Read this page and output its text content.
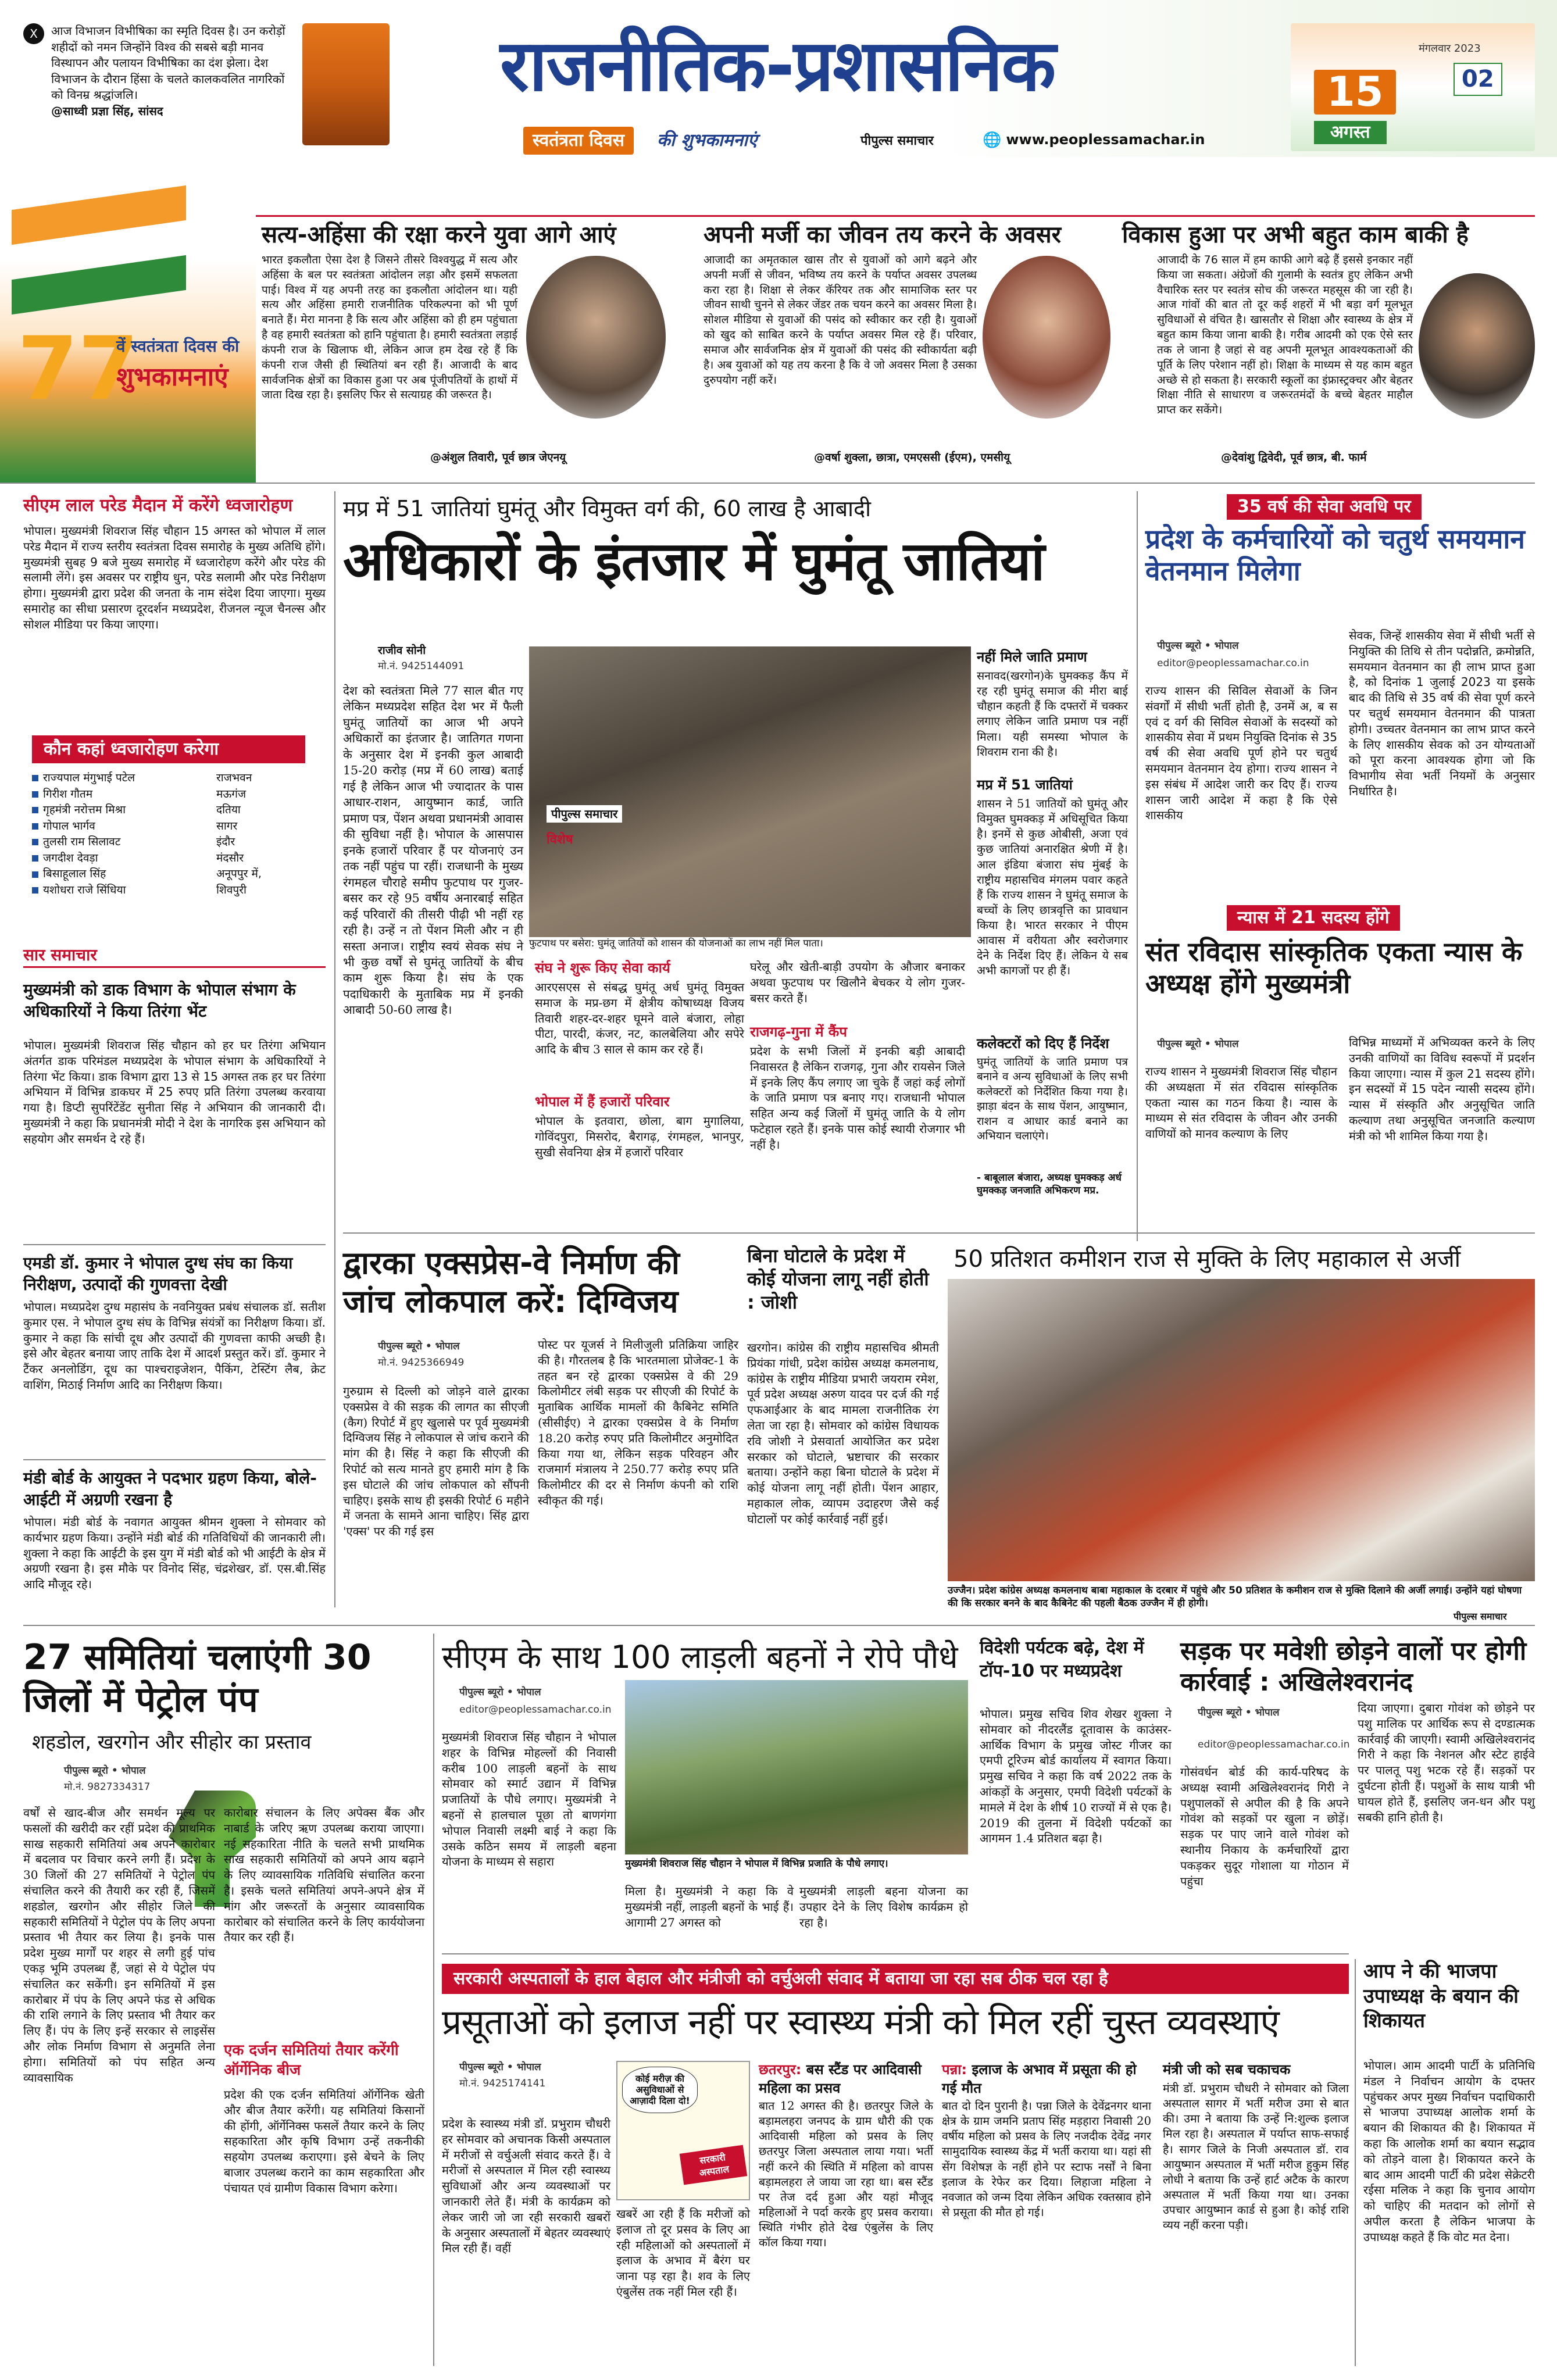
X	आज विभाजन विभीषिका का स्मृति दिवस है। उन करोड़ों शहीदों को नमन जिन्होंने विश्व की सबसे बड़ी मानव विस्थापन और पलायन विभीषिका का दंश झेला। देश विभाजन के दौरान हिंसा के चलते कालकवलित नागरिकों को विनम्र श्रद्धांजलि।
@साध्वी प्रज्ञा सिंह, सांसद
राजनीतिक-प्रशासनिक
स्वतंत्रता दिवस	की शुभकामनाएं	पीपुल्स समाचार	🌐 www.peoplessamachar.in
मंगलवार 2023
02
15
अगस्त
77
वें स्वतंत्रता दिवस की
शुभकामनाएं
सत्य-अहिंसा की रक्षा करने युवा आगे आएं
भारत इकलौता ऐसा देश है जिसने तीसरे विश्वयुद्ध में सत्य और अहिंसा के बल पर स्वतंत्रता आंदोलन लड़ा और इसमें सफलता पाई। विश्व में यह अपनी तरह का इकलौता आंदोलन था। यही सत्य और अहिंसा हमारी राजनीतिक परिकल्पना को भी पूर्ण बनाते हैं। मेरा मानना है कि सत्य और अहिंसा को ही हम पहुंचाता है वह हमारी स्वतंत्रता को हानि पहुंचाता है। हमारी स्वतंत्रता लड़ाई कंपनी राज के खिलाफ थी, लेकिन आज हम देख रहे हैं कि कंपनी राज जैसी ही स्थितियां बन रही हैं। आजादी के बाद सार्वजनिक क्षेत्रों का विकास हुआ पर अब पूंजीपतियों के हाथों में जाता दिख रहा है। इसलिए फिर से सत्याग्रह की जरूरत है।
@अंशुल तिवारी, पूर्व छात्र जेएनयू
अपनी मर्जी का जीवन तय करने के अवसर
आजादी का अमृतकाल खास तौर से युवाओं को आगे बढ़ने और अपनी मर्जी से जीवन, भविष्य तय करने के पर्याप्त अवसर उपलब्ध करा रहा है। शिक्षा से लेकर कॅरियर तक और सामाजिक स्तर पर जीवन साथी चुनने से लेकर जेंडर तक चयन करने का अवसर मिला है। सोशल मीडिया से युवाओं की पसंद को स्वीकार कर रही है। युवाओं को खुद को साबित करने के पर्याप्त अवसर मिल रहे हैं। परिवार, समाज और सार्वजनिक क्षेत्र में युवाओं की पसंद की स्वीकार्यता बढ़ी है। अब युवाओं को यह तय करना है कि वे जो अवसर मिला है उसका दुरुपयोग नहीं करें।
@वर्षा शुक्ला, छात्रा, एमएससी (ईएम), एमसीयू
विकास हुआ पर अभी बहुत काम बाकी है
आजादी के 76 साल में हम काफी आगे बढ़े हैं इससे इनकार नहीं किया जा सकता। अंग्रेजों की गुलामी के स्वतंत्र हुए लेकिन अभी वैचारिक स्तर पर स्वतंत्र सोच की जरूरत महसूस की जा रही है। आज गांवों की बात तो दूर कई शहरों में भी बड़ा वर्ग मूलभूत सुविधाओं से वंचित है। खासतौर से शिक्षा और स्वास्थ्य के क्षेत्र में बहुत काम किया जाना बाकी है। गरीब आदमी को एक ऐसे स्तर तक ले जाना है जहां से वह अपनी मूलभूत आवश्यकताओं की पूर्ति के लिए परेशान नहीं हो। शिक्षा के माध्यम से यह काम बहुत अच्छे से हो सकता है। सरकारी स्कूलों का इंफ्रास्ट्रक्चर और बेहतर शिक्षा नीति से साधारण व जरूरतमंदों के बच्चे बेहतर माहौल प्राप्त कर सकेंगे।
@देवांशु द्विवेदी, पूर्व छात्र, बी. फार्म
सीएम लाल परेड मैदान में करेंगे ध्वजारोहण
भोपाल। मुख्यमंत्री शिवराज सिंह चौहान 15 अगस्त को भोपाल में लाल परेड मैदान में राज्य स्तरीय स्वतंत्रता दिवस समारोह के मुख्य अतिथि होंगे। मुख्यमंत्री सुबह 9 बजे मुख्य समारोह में ध्वजारोहण करेंगे और परेड की सलामी लेंगे। इस अवसर पर राष्ट्रीय धुन, परेड सलामी और परेड निरीक्षण होगा। मुख्यमंत्री द्वारा प्रदेश की जनता के नाम संदेश दिया जाएगा। मुख्य समारोह का सीधा प्रसारण दूरदर्शन मध्यप्रदेश, रीजनल न्यूज चैनल्स और सोशल मीडिया पर किया जाएगा।
कौन कहां ध्वजारोहण करेगा
राज्यपाल मंगुभाई पटेल	राजभवन
गिरीश गौतम	मऊगंज
गृहमंत्री नरोत्तम मिश्रा	दतिया
गोपाल भार्गव	सागर
तुलसी राम सिलावट	इंदौर
जगदीश देवड़ा	मंदसौर
बिसाहूलाल सिंह	अनूपपुर में,
यशोधरा राजे सिंधिया	शिवपुरी
सार समाचार
मुख्यमंत्री को डाक विभाग के भोपाल संभाग के अधिकारियों ने किया तिरंगा भेंट
भोपाल। मुख्यमंत्री शिवराज सिंह चौहान को हर घर तिरंगा अभियान अंतर्गत डाक परिमंडल मध्यप्रदेश के भोपाल संभाग के अधिकारियों ने तिरंगा भेंट किया। डाक विभाग द्वारा 13 से 15 अगस्त तक हर घर तिरंगा अभियान में विभिन्न डाकघर में 25 रुपए प्रति तिरंगा उपलब्ध करवाया गया है। डिप्टी सुपरिंटेंडेंट सुनीता सिंह ने अभियान की जानकारी दी। मुख्यमंत्री ने कहा कि प्रधानमंत्री मोदी ने देश के नागरिक इस अभियान को सहयोग और समर्थन दे रहे हैं।
एमडी डॉ. कुमार ने भोपाल दुग्ध संघ का किया निरीक्षण, उत्पादों की गुणवत्ता देखी
भोपाल। मध्यप्रदेश दुग्ध महासंघ के नवनियुक्त प्रबंध संचालक डॉ. सतीश कुमार एस. ने भोपाल दुग्ध संघ के विभिन्न संयंत्रों का निरीक्षण किया। डॉ. कुमार ने कहा कि सांची दूध और उत्पादों की गुणवत्ता काफी अच्छी है। इसे और बेहतर बनाया जाए ताकि देश में आदर्श प्रस्तुत करें। डॉ. कुमार ने टैंकर अनलोडिंग, दूध का पाश्चराइजेशन, पैकिंग, टेस्टिंग लैब, क्रेट वाशिंग, मिठाई निर्माण आदि का निरीक्षण किया।
मंडी बोर्ड के आयुक्त ने पदभार ग्रहण किया, बोले- आईटी में अग्रणी रखना है
भोपाल। मंडी बोर्ड के नवागत आयुक्त श्रीमन शुक्ला ने सोमवार को कार्यभार ग्रहण किया। उन्होंने मंडी बोर्ड की गतिविधियों की जानकारी ली। शुक्ला ने कहा कि आईटी के इस युग में मंडी बोर्ड को भी आईटी के क्षेत्र में अग्रणी रखना है। इस मौके पर विनोद सिंह, चंद्रशेखर, डॉ. एस.बी.सिंह आदि मौजूद रहे।
मप्र में 51 जातियां घुमंतू और विमुक्त वर्ग की, 60 लाख है आबादी
अधिकारों के इंतजार में घुमंतू जातियां
राजीव सोनी
मो.नं. 9425144091
पीपुल्स समाचार
विशेष
फुटपाथ पर बसेरा: घुमंतू जातियों को शासन की योजनाओं का लाभ नहीं मिल पाता।
देश को स्वतंत्रता मिले 77 साल बीत गए लेकिन मध्यप्रदेश सहित देश भर में फैली घुमंतू जातियों का आज भी अपने अधिकारों का इंतजार है। जातिगत गणना के अनुसार देश में इनकी कुल आबादी 15-20 करोड़ (मप्र में 60 लाख) बताई गई है लेकिन आज भी ज्यादातर के पास आधार-राशन, आयुष्मान कार्ड, जाति प्रमाण पत्र, पेंशन अथवा प्रधानमंत्री आवास की सुविधा नहीं है। भोपाल के आसपास इनके हजारों परिवार हैं पर योजनाएं उन तक नहीं पहुंच पा रहीं। राजधानी के मुख्य रंगमहल चौराहे समीप फुटपाथ पर गुजर-बसर कर रहे 95 वर्षीय अनारबाई सहित कई परिवारों की तीसरी पीढ़ी भी नहीं रह रही है। उन्हें न तो पेंशन मिली और न ही सस्ता अनाज। राष्ट्रीय स्वयं सेवक संघ ने भी कुछ वर्षों से घुमंतू जातियों के बीच काम शुरू किया है। संघ के एक पदाधिकारी के मुताबिक मप्र में इनकी आबादी 50-60 लाख है।
संघ ने शुरू किए सेवा कार्य
आरएसएस से संबद्ध घुमंतू अर्ध घुमंतू विमुक्त समाज के मप्र-छग में क्षेत्रीय कोषाध्यक्ष विजय तिवारी शहर-दर-शहर घूमने वाले बंजारा, लोहा पीटा, पारदी, कंजर, नट, कालबेलिया और सपेरे आदि के बीच 3 साल से काम कर रहे हैं।
भोपाल में हैं हजारों परिवार
भोपाल के इतवारा, छोला, बाग मुगालिया, गोविंदपुरा, मिसरोद, बैरागढ़, रंगमहल, भानपुर, सुखी सेवनिया क्षेत्र में हजारों परिवार
घरेलू और खेती-बाड़ी उपयोग के औजार बनाकर अथवा फुटपाथ पर खिलौने बेचकर ये लोग गुजर-बसर करते हैं।
राजगढ़-गुना में कैंप
प्रदेश के सभी जिलों में इनकी बड़ी आबादी निवासरत है लेकिन राजगढ़, गुना और रायसेन जिले में इनके लिए कैंप लगाए जा चुके हैं जहां कई लोगों के जाति प्रमाण पत्र बनाए गए। राजधानी भोपाल सहित अन्य कई जिलों में घुमंतू जाति के ये लोग फटेहाल रहते हैं। इनके पास कोई स्थायी रोजगार भी नहीं है।
नहीं मिले जाति प्रमाण
सनावद(खरगोन)के घुमक्कड़ कैंप में रह रही घुमंतू समाज की मीरा बाई चौहान कहती हैं कि दफ्तरों में चक्कर लगाए लेकिन जाति प्रमाण पत्र नहीं मिला। यही समस्या भोपाल के शिवराम राना की है।
मप्र में 51 जातियां
शासन ने 51 जातियों को घुमंतू और विमुक्त घुमक्कड़ में अधिसूचित किया है। इनमें से कुछ ओबीसी, अजा एवं कुछ जातियां अनारक्षित श्रेणी में है। आल इंडिया बंजारा संघ मुंबई के राष्ट्रीय महासचिव मंगलम पवार कहते हैं कि राज्य शासन ने घुमंतू समाज के बच्चों के लिए छात्रवृत्ति का प्रावधान किया है। भारत सरकार ने पीएम आवास में वरीयता और स्वरोजगार देने के निर्देश दिए हैं। लेकिन ये सब अभी कागजों पर ही हैं।
कलेक्टरों को दिए हैं निर्देश
घुमंतू जातियों के जाति प्रमाण पत्र बनाने व अन्य सुविधाओं के लिए सभी कलेक्टरों को निर्देशित किया गया है। झाड़ा बंदन के साथ पेंशन, आयुष्मान, राशन व आधार कार्ड बनाने का अभियान चलाएंगे।
- बाबूलाल बंजारा, अध्यक्ष घुमक्कड़ अर्ध घुमक्कड़ जनजाति अभिकरण मप्र.
35 वर्ष की सेवा अवधि पर
प्रदेश के कर्मचारियों को चतुर्थ समयमान वेतनमान मिलेगा
पीपुल्स ब्यूरो • भोपाल
editor@peoplessamachar.co.in
राज्य शासन की सिविल सेवाओं के जिन संवर्गों में सीधी भर्ती होती है, उनमें अ, ब स एवं द वर्ग की सिविल सेवाओं के सदस्यों को शासकीय सेवा में प्रथम नियुक्ति दिनांक से 35 वर्ष की सेवा अवधि पूर्ण होने पर चतुर्थ समयमान वेतनमान देय होगा। राज्य शासन ने इस संबंध में आदेश जारी कर दिए हैं। राज्य शासन जारी आदेश में कहा है कि ऐसे शासकीय
सेवक, जिन्हें शासकीय सेवा में सीधी भर्ती से नियुक्ति की तिथि से तीन पदोन्नति, क्रमोन्नति, समयमान वेतनमान का ही लाभ प्राप्त हुआ है, को दिनांक 1 जुलाई 2023 या इसके बाद की तिथि से 35 वर्ष की सेवा पूर्ण करने पर चतुर्थ समयमान वेतनमान की पात्रता होगी। उच्चतर वेतनमान का लाभ प्राप्त करने के लिए शासकीय सेवक को उन योग्यताओं को पूरा करना आवश्यक होगा जो कि विभागीय सेवा भर्ती नियमों के अनुसार निर्धारित है।
न्यास में 21 सदस्य होंगे
संत रविदास सांस्कृतिक एकता न्यास के अध्यक्ष होंगे मुख्यमंत्री
पीपुल्स ब्यूरो • भोपाल
राज्य शासन ने मुख्यमंत्री शिवराज सिंह चौहान की अध्यक्षता में संत रविदास सांस्कृतिक एकता न्यास का गठन किया है। न्यास के माध्यम से संत रविदास के जीवन और उनकी वाणियों को मानव कल्याण के लिए
विभिन्न माध्यमों में अभिव्यक्त करने के लिए उनकी वाणियों का विविध स्वरूपों में प्रदर्शन किया जाएगा। न्यास में कुल 21 सदस्य होंगे। इन सदस्यों में 15 पदेन न्यासी सदस्य होंगे। न्यास में संस्कृति और अनुसूचित जाति कल्याण तथा अनुसूचित जनजाति कल्याण मंत्री को भी शामिल किया गया है।
द्वारका एक्सप्रेस-वे निर्माण की जांच लोकपाल करें: दिग्विजय
पीपुल्स ब्यूरो • भोपाल
मो.नं. 9425366949
गुरुग्राम से दिल्ली को जोड़ने वाले द्वारका एक्सप्रेस वे की सड़क की लागत का सीएजी (कैग) रिपोर्ट में हुए खुलासे पर पूर्व मुख्यमंत्री दिग्विजय सिंह ने लोकपाल से जांच कराने की मांग की है। सिंह ने कहा कि सीएजी की रिपोर्ट को सत्य मानते हुए हमारी मांग है कि इस घोटाले की जांच लोकपाल को सौंपनी चाहिए। इसके साथ ही इसकी रिपोर्ट 6 महीने में जनता के सामने आना चाहिए। सिंह द्वारा 'एक्स' पर की गई इस
पोस्ट पर यूजर्स ने मिलीजुली प्रतिक्रिया जाहिर की है। गौरतलब है कि भारतमाला प्रोजेक्ट-1 के तहत बन रहे द्वारका एक्सप्रेस वे की 29 किलोमीटर लंबी सड़क पर सीएजी की रिपोर्ट के मुताबिक आर्थिक मामलों की कैबिनेट समिति (सीसीईए) ने द्वारका एक्सप्रेस वे के निर्माण 18.20 करोड़ रुपए प्रति किलोमीटर अनुमोदित किया गया था, लेकिन सड़क परिवहन और राजमार्ग मंत्रालय ने 250.77 करोड़ रुपए प्रति किलोमीटर की दर से निर्माण कंपनी को राशि स्वीकृत की गई।
बिना घोटाले के प्रदेश में कोई योजना लागू नहीं होती : जोशी
खरगोन। कांग्रेस की राष्ट्रीय महासचिव श्रीमती प्रियंका गांधी, प्रदेश कांग्रेस अध्यक्ष कमलनाथ, कांग्रेस के राष्ट्रीय मीडिया प्रभारी जयराम रमेश, पूर्व प्रदेश अध्यक्ष अरुण यादव पर दर्ज की गई एफआईआर के बाद मामला राजनीतिक रंग लेता जा रहा है। सोमवार को कांग्रेस विधायक रवि जोशी ने प्रेसवार्ता आयोजित कर प्रदेश सरकार को घोटाले, भ्रष्टाचार की सरकार बताया। उन्होंने कहा बिना घोटाले के प्रदेश में कोई योजना लागू नहीं होती। पेंशन आहार, महाकाल लोक, व्यापम उदाहरण जैसे कई घोटालों पर कोई कार्रवाई नहीं हुई।
50 प्रतिशत कमीशन राज से मुक्ति के लिए महाकाल से अर्जी
उज्जैन। प्रदेश कांग्रेस अध्यक्ष कमलनाथ बाबा महाकाल के दरबार में पहुंचे और 50 प्रतिशत के कमीशन राज से मुक्ति दिलाने की अर्जी लगाई। उन्होंने यहां घोषणा की कि सरकार बनने के बाद कैबिनेट की पहली बैठक उज्जैन में ही होगी।
पीपुल्स समाचार
27 समितियां चलाएंगी 30 जिलों में पेट्रोल पंप
शहडोल, खरगोन और सीहोर का प्रस्ताव
पीपुल्स ब्यूरो • भोपाल
मो.नं. 9827334317
वर्षों से खाद-बीज और समर्थन मूल्य पर फसलों की खरीदी कर रहीं प्रदेश की प्राथमिक साख सहकारी समितियां अब अपने कारोबार में बदलाव पर विचार करने लगी हैं। प्रदेश के 30 जिलों की 27 समितियों ने पेट्रोल पंप संचालित करने की तैयारी कर रही हैं, जिसमें शहडोल, खरगोन और सीहोर जिले की सहकारी समितियों ने पेट्रोल पंप के लिए अपना प्रस्ताव भी तैयार कर लिया है। इनके पास प्रदेश मुख्य मार्गों पर शहर से लगी हुई पांच एकड़ भूमि उपलब्ध हैं, जहां से ये पेट्रोल पंप संचालित कर सकेंगी। इन समितियों में इस कारोबार में पंप के लिए अपने फंड से अधिक की राशि लगाने के लिए प्रस्ताव भी तैयार कर लिए हैं। पंप के लिए इन्हें सरकार से लाइसेंस और लोक निर्माण विभाग से अनुमति लेना होगा। समितियों को पंप सहित अन्य व्यावसायिक
कारोबार संचालन के लिए अपेक्स बैंक और नाबार्ड के जरिए ऋण उपलब्ध कराया जाएगा। नई सहकारिता नीति के चलते सभी प्राथमिक साख सहकारी समितियों को अपने आय बढ़ाने के लिए व्यावसायिक गतिविधि संचालित करना है। इसके चलते समितियां अपने-अपने क्षेत्र में मांग और जरूरतों के अनुसार व्यावसायिक कारोबार को संचालित करने के लिए कार्ययोजना तैयार कर रही हैं।
एक दर्जन समितियां तैयार करेंगी ऑर्गेनिक बीज
प्रदेश की एक दर्जन समितियां ऑर्गेनिक खेती और बीज तैयार करेंगी। यह समितियां किसानों की होंगी, ऑर्गेनिक्स फसलें तैयार करने के लिए सहकारिता और कृषि विभाग उन्हें तकनीकी सहयोग उपलब्ध कराएगा। इसे बेचने के लिए बाजार उपलब्ध कराने का काम सहकारिता और पंचायत एवं ग्रामीण विकास विभाग करेगा।
सीएम के साथ 100 लाड़ली बहनों ने रोपे पौधे
पीपुल्स ब्यूरो • भोपाल
editor@peoplessamachar.co.in
मुख्यमंत्री शिवराज सिंह चौहान ने भोपाल शहर के विभिन्न मोहल्लों की निवासी करीब 100 लाड़ली बहनों के साथ सोमवार को स्मार्ट उद्यान में विभिन्न प्रजातियों के पौधे लगाए। मुख्यमंत्री ने बहनों से हालचाल पूछा तो बाणगंगा भोपाल निवासी लक्ष्मी बाई ने कहा कि उसके कठिन समय में लाड़ली बहना योजना के माध्यम से सहारा	मुख्यमंत्री शिवराज सिंह चौहान ने भोपाल में विभिन्न प्रजाति के पौधे लगाए।
मिला है। मुख्यमंत्री ने कहा कि वे मुख्यमंत्री नहीं, लाड़ली बहनों के भाई हैं। आगामी 27 अगस्त को
मुख्यमंत्री लाड़ली बहना योजना का उपहार देने के लिए विशेष कार्यक्रम हो रहा है।
विदेशी पर्यटक बढ़े, देश में टॉप-10 पर मध्यप्रदेश
भोपाल। प्रमुख सचिव शिव शेखर शुक्ला ने सोमवार को नीदरलैंड दूतावास के काउंसर-आर्थिक विभाग के प्रमुख जोस्ट गीजर का एमपी टूरिज्म बोर्ड कार्यालय में स्वागत किया। प्रमुख सचिव ने कहा कि वर्ष 2022 तक के आंकड़ों के अनुसार, एमपी विदेशी पर्यटकों के मामले में देश के शीर्ष 10 राज्यों में से एक है। 2019 की तुलना में विदेशी पर्यटकों का आगमन 1.4 प्रतिशत बढ़ा है।
सड़क पर मवेशी छोड़ने वालों पर होगी कार्रवाई : अखिलेश्वरानंद
पीपुल्स ब्यूरो • भोपाल
editor@peoplessamachar.co.in
गोसंवर्धन बोर्ड की कार्य-परिषद के अध्यक्ष स्वामी अखिलेश्वरानंद गिरी ने पशुपालकों से अपील की है कि अपने गोवंश को सड़कों पर खुला न छोड़ें। सड़क पर पाए जाने वाले गोवंश को स्थानीय निकाय के कर्मचारियों द्वारा पकड़कर सुदूर गोशाला या गोठान में पहुंचा
दिया जाएगा। दुबारा गोवंश को छोड़ने पर पशु मालिक पर आर्थिक रूप से दण्डात्मक कार्रवाई की जाएगी। स्वामी अखिलेश्वरानंद गिरी ने कहा कि नेशनल और स्टेट हाईवे पर पालतू पशु भटक रहे हैं। सड़कों पर दुर्घटना होती हैं। पशुओं के साथ यात्री भी घायल होते हैं, इसलिए जन-धन और पशु सबकी हानि होती है।
सरकारी अस्पतालों के हाल बेहाल और मंत्रीजी को वर्चुअली संवाद में बताया जा रहा सब ठीक चल रहा है
प्रसूताओं को इलाज नहीं पर स्वास्थ्य मंत्री को मिल रहीं चुस्त व्यवस्थाएं
पीपुल्स ब्यूरो • भोपाल
मो.नं. 9425174141
प्रदेश के स्वास्थ्य मंत्री डॉ. प्रभुराम चौधरी हर सोमवार को अचानक किसी अस्पताल में मरीजों से वर्चुअली संवाद करते हैं। वे मरीजों से अस्पताल में मिल रही स्वास्थ्य सुविधाओं और अन्य व्यवस्थाओं पर जानकारी लेते हैं। मंत्री के कार्यक्रम को लेकर जारी जो जा रही सरकारी खबरों के अनुसार अस्पतालों में बेहतर व्यवस्थाएं मिल रही हैं। वहीं
कोई मरीज़ की असुविधाओं से आज़ादी दिला दो!
सरकारी अस्पताल
खबरें आ रही हैं कि मरीजों को इलाज तो दूर प्रसव के लिए आ रही महिलाओं को अस्पतालों में इलाज के अभाव में बैरंग घर जाना पड़ रहा है। शव के लिए एंबुलेंस तक नहीं मिल रही हैं।
छतरपुर: बस स्टैंड पर आदिवासी महिला का प्रसव
बात 12 अगस्त की है। छतरपुर जिले के बड़ामलहरा जनपद के ग्राम धौरी की एक आदिवासी महिला को प्रसव के लिए छतरपुर जिला अस्पताल लाया गया। भर्ती नहीं करने की स्थिति में महिला को वापस बड़ामलहरा ले जाया जा रहा था। बस स्टैंड पर तेज दर्द हुआ और यहां मौजूद महिलाओं ने पर्दा करके हुए प्रसव कराया। स्थिति गंभीर होते देख एंबुलेंस के लिए कॉल किया गया।
पन्ना: इलाज के अभाव में प्रसूता की हो गई मौत
बात दो दिन पुरानी है। पन्ना जिले के देवेंद्रनगर थाना क्षेत्र के ग्राम जमनि प्रताप सिंह मड़हारा निवासी 20 वर्षीय महिला को प्रसव के लिए नजदीक देवेंद्र नगर सामुदायिक स्वास्थ्य केंद्र में भर्ती कराया था। यहां सी सेंग विशेषज्ञ के नहीं होने पर स्टाफ नर्सों ने बिना इलाज के रेफेर कर दिया। लिहाजा महिला ने नवजात को जन्म दिया लेकिन अधिक रक्तस्राव होने से प्रसूता की मौत हो गई।
मंत्री जी को सब चकाचक
मंत्री डॉ. प्रभुराम चौधरी ने सोमवार को जिला अस्पताल सागर में भर्ती मरीज उमा से बात की। उमा ने बताया कि उन्हें नि:शुल्क इलाज मिल रहा है। अस्पताल में पर्याप्त साफ-सफाई है। सागर जिले के निजी अस्पताल डॉ. राव आयुष्मान अस्पताल में भर्ती मरीज हुकुम सिंह लोधी ने बताया कि उन्हें हार्ट अटैक के कारण अस्पताल में भर्ती किया गया था। उनका उपचार आयुष्मान कार्ड से हुआ है। कोई राशि व्यय नहीं करना पड़ी।
आप ने की भाजपा उपाध्यक्ष के बयान की शिकायत
भोपाल। आम आदमी पार्टी के प्रतिनिधि मंडल ने निर्वाचन आयोग के दफ्तर पहुंचकर अपर मुख्य निर्वाचन पदाधिकारी से भाजपा उपाध्यक्ष आलोक शर्मा के बयान की शिकायत की है। शिकायत में कहा कि आलोक शर्मा का बयान सद्भाव को तोड़ने वाला है। शिकायत करने के बाद आम आदमी पार्टी की प्रदेश सेक्रेटरी रईसा मलिक ने कहा कि चुनाव आयोग को चाहिए की मतदान को लोगों से अपील करता है लेकिन भाजपा के उपाध्यक्ष कहते हैं कि वोट मत देना।
